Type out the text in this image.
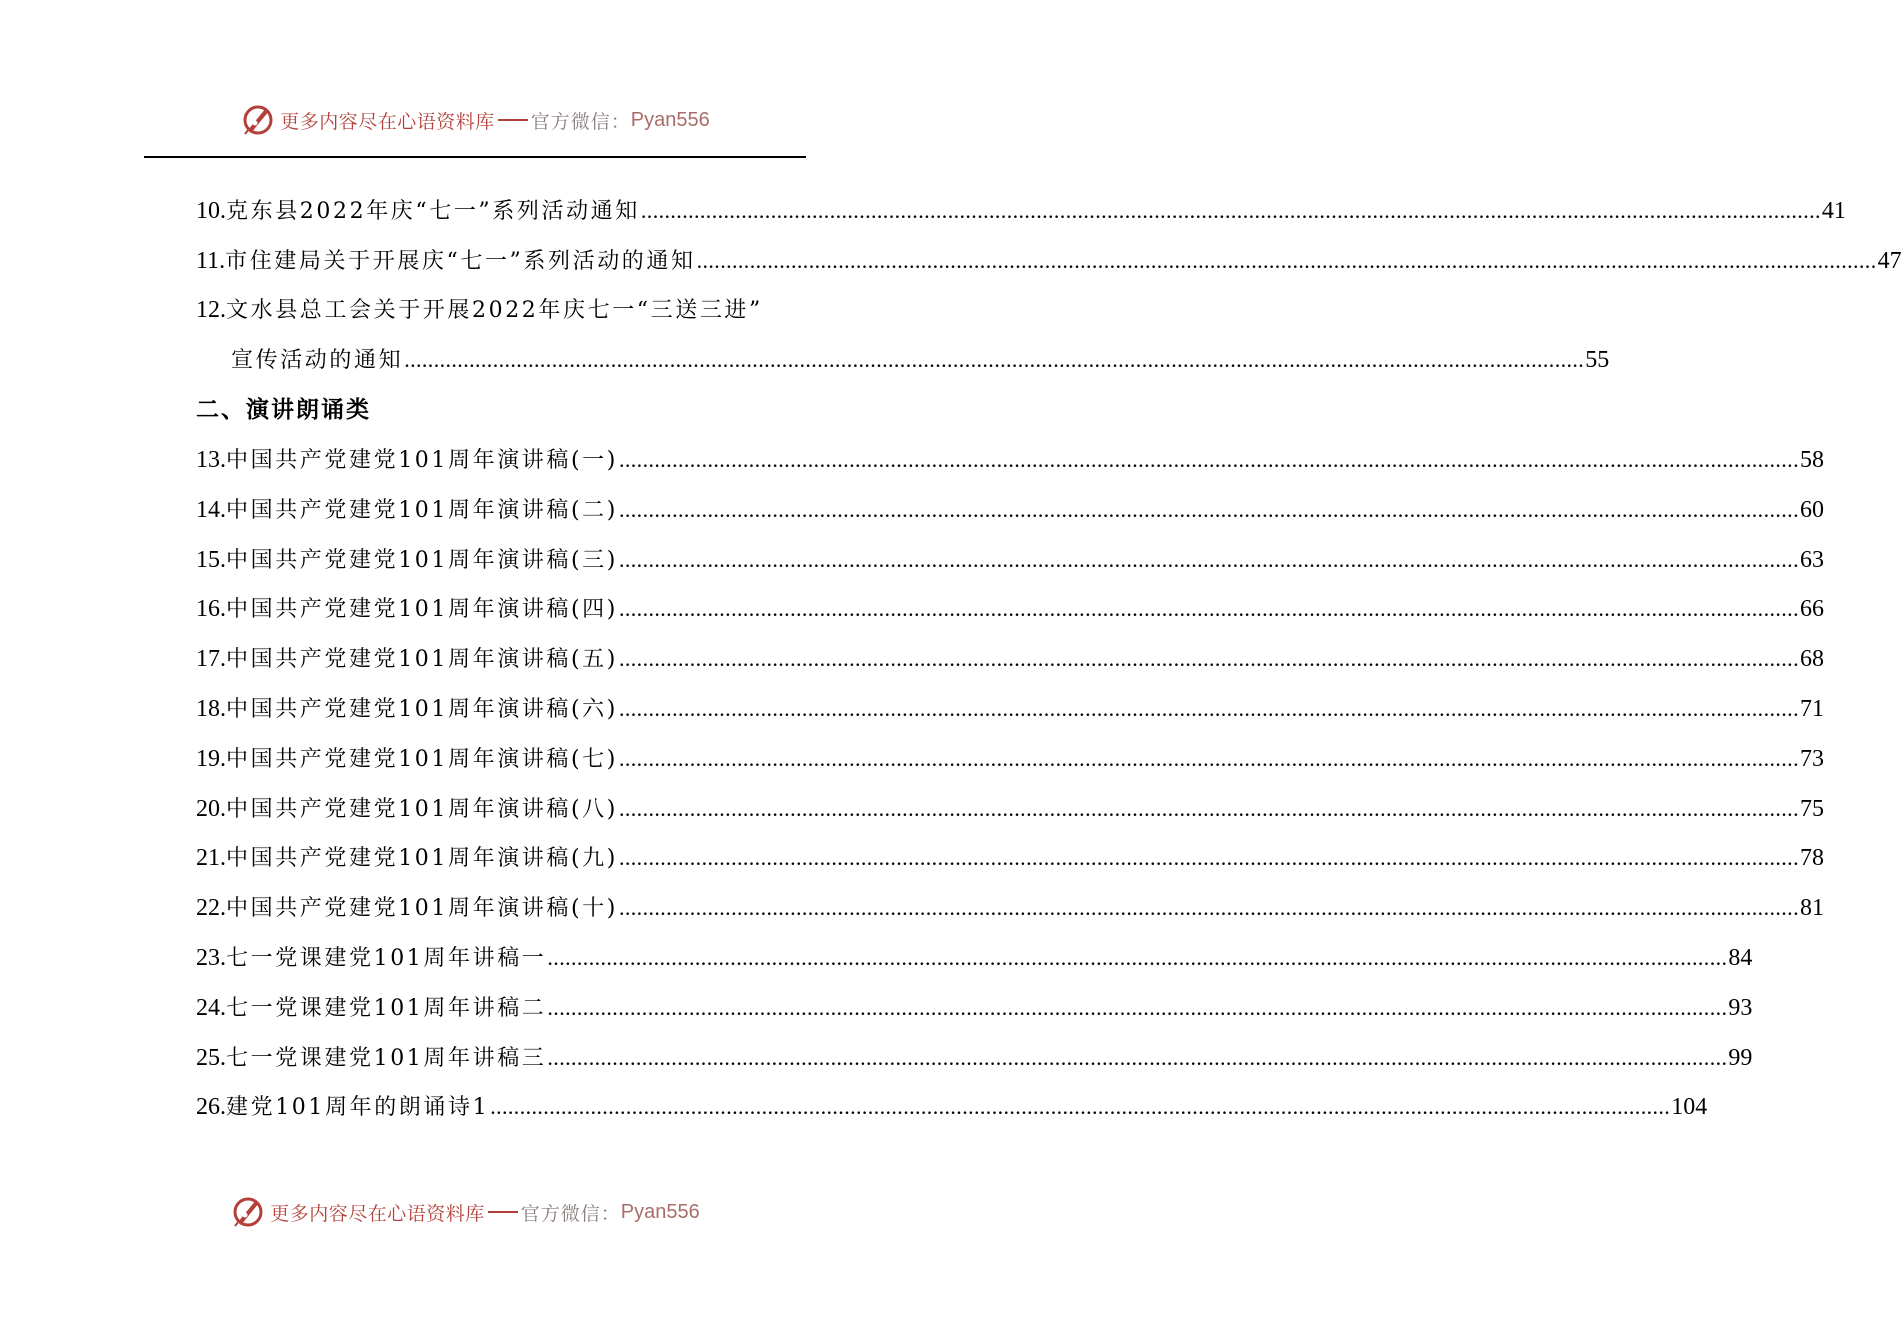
更多内容尽在心语资料库 官方微信： Pyan556
10. 克东县2022年庆“七一”系列活动通知 ........................................................................................................................................................................................................ 41
11. 市住建局关于开展庆“七一”系列活动的通知 ........................................................................................................................................................................................................ 47
12. 文水县总工会关于开展2022年庆七一“三送三进”
宣传活动的通知 ........................................................................................................................................................................................................ 55
二、演讲朗诵类
13. 中国共产党建党101周年演讲稿(一) ........................................................................................................................................................................................................ 58
14. 中国共产党建党101周年演讲稿(二) ........................................................................................................................................................................................................ 60
15. 中国共产党建党101周年演讲稿(三) ........................................................................................................................................................................................................ 63
16. 中国共产党建党101周年演讲稿(四) ........................................................................................................................................................................................................ 66
17. 中国共产党建党101周年演讲稿(五) ........................................................................................................................................................................................................ 68
18. 中国共产党建党101周年演讲稿(六) ........................................................................................................................................................................................................ 71
19. 中国共产党建党101周年演讲稿(七) ........................................................................................................................................................................................................ 73
20. 中国共产党建党101周年演讲稿(八) ........................................................................................................................................................................................................ 75
21. 中国共产党建党101周年演讲稿(九) ........................................................................................................................................................................................................ 78
22. 中国共产党建党101周年演讲稿(十) ........................................................................................................................................................................................................ 81
23. 七一党课建党101周年讲稿一 ........................................................................................................................................................................................................ 84
24. 七一党课建党101周年讲稿二 ........................................................................................................................................................................................................ 93
25. 七一党课建党101周年讲稿三 ........................................................................................................................................................................................................ 99
26. 建党101周年的朗诵诗1 ........................................................................................................................................................................................................ 104
更多内容尽在心语资料库 官方微信： Pyan556
